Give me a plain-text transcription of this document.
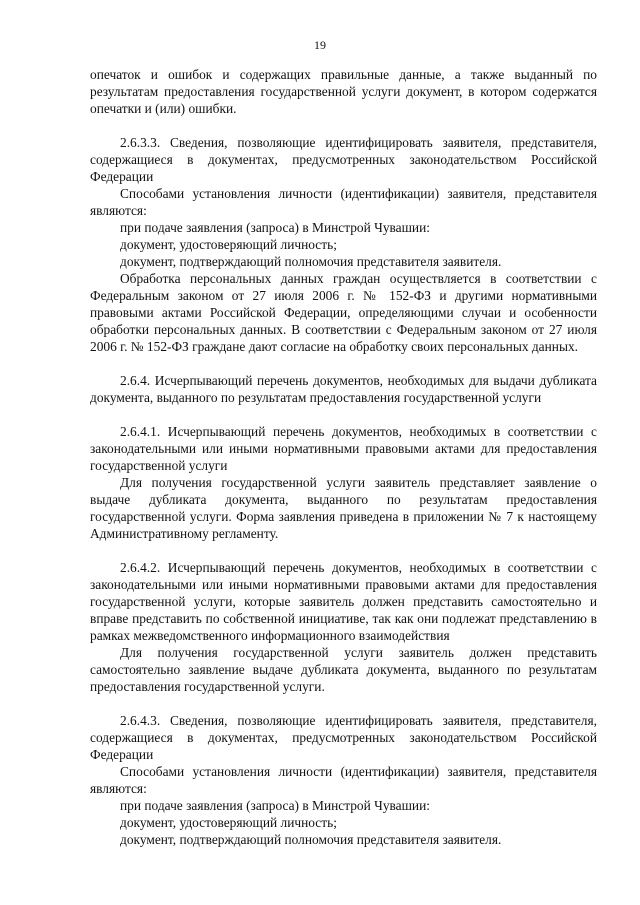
19

опечаток и ошибок и содержащих правильные данные, а также выданный по результатам предоставления государственной услуги документ, в котором содержатся опечатки и (или) ошибки.

2.6.3.3. Сведения, позволяющие идентифицировать заявителя, представителя, содержащиеся в документах, предусмотренных законодательством Российской Федерации

Способами установления личности (идентификации) заявителя, представителя являются:

при подаче заявления (запроса) в Минстрой Чувашии:

документ, удостоверяющий личность;

документ, подтверждающий полномочия представителя заявителя.

Обработка персональных данных граждан осуществляется в соответствии с Федеральным законом от 27 июля 2006 г. № 152-ФЗ и другими нормативными правовыми актами Российской Федерации, определяющими случаи и особенности обработки персональных данных. В соответствии с Федеральным законом от 27 июля 2006 г. № 152-ФЗ граждане дают согласие на обработку своих персональных данных.

2.6.4. Исчерпывающий перечень документов, необходимых для выдачи дубликата документа, выданного по результатам предоставления государственной услуги

2.6.4.1. Исчерпывающий перечень документов, необходимых в соответствии с законодательными или иными нормативными правовыми актами для предоставления государственной услуги

Для получения государственной услуги заявитель представляет заявление о выдаче дубликата документа, выданного по результатам предоставления государственной услуги. Форма заявления приведена в приложении № 7 к настоящему Административному регламенту.

2.6.4.2. Исчерпывающий перечень документов, необходимых в соответствии с законодательными или иными нормативными правовыми актами для предоставления государственной услуги, которые заявитель должен представить самостоятельно и вправе представить по собственной инициативе, так как они подлежат представлению в рамках межведомственного информационного взаимодействия

Для получения государственной услуги заявитель должен представить самостоятельно заявление выдаче дубликата документа, выданного по результатам предоставления государственной услуги.

2.6.4.3. Сведения, позволяющие идентифицировать заявителя, представителя, содержащиеся в документах, предусмотренных законодательством Российской Федерации

Способами установления личности (идентификации) заявителя, представителя являются:

при подаче заявления (запроса) в Минстрой Чувашии:

документ, удостоверяющий личность;

документ, подтверждающий полномочия представителя заявителя.
